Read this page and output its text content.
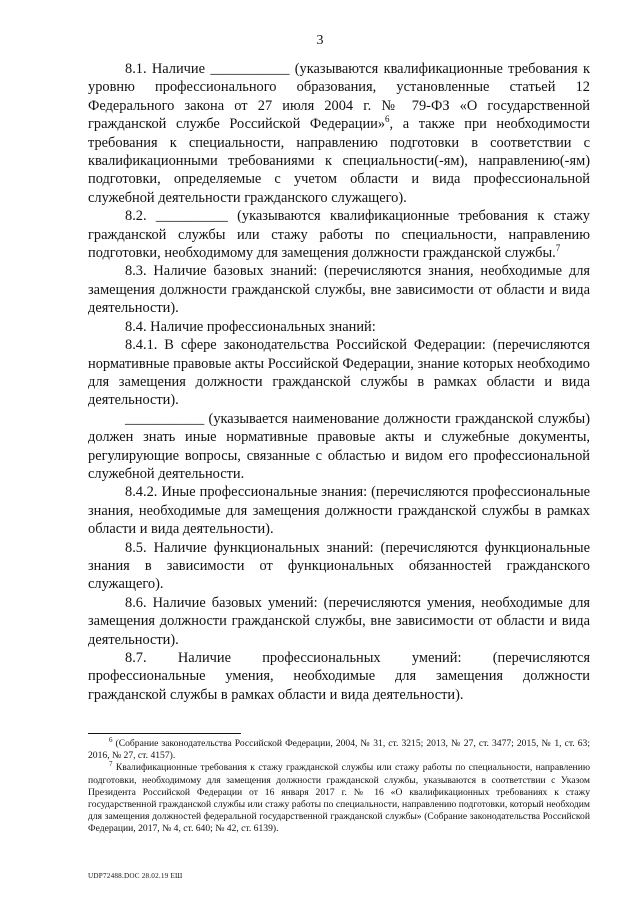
3

8.1. Наличие ___________ (указываются квалификационные требования к уровню профессионального образования, установленные статьей 12 Федерального закона от 27 июля 2004 г. № 79-ФЗ «О государственной гражданской службе Российской Федерации»$^6$, а также при необходимости требования к специальности, направлению подготовки в соответствии с квалификационными требованиями к специальности(-ям), направлению(-ям) подготовки, определяемые с учетом области и вида профессиональной служебной деятельности гражданского служащего).

8.2. __________ (указываются квалификационные требования к стажу гражданской службы или стажу работы по специальности, направлению подготовки, необходимому для замещения должности гражданской службы.$^7$

8.3. Наличие базовых знаний: (перечисляются знания, необходимые для замещения должности гражданской службы, вне зависимости от области и вида деятельности).

8.4. Наличие профессиональных знаний:

8.4.1. В сфере законодательства Российской Федерации: (перечисляются нормативные правовые акты Российской Федерации, знание которых необходимо для замещения должности гражданской службы в рамках области и вида деятельности).

___________ (указывается наименование должности гражданской службы) должен знать иные нормативные правовые акты и служебные документы, регулирующие вопросы, связанные с областью и видом его профессиональной служебной деятельности.

8.4.2. Иные профессиональные знания: (перечисляются профессиональные знания, необходимые для замещения должности гражданской службы в рамках области и вида деятельности).

8.5. Наличие функциональных знаний: (перечисляются функциональные знания в зависимости от функциональных обязанностей гражданского служащего).

8.6. Наличие базовых умений: (перечисляются умения, необходимые для замещения должности гражданской службы, вне зависимости от области и вида деятельности).

8.7. Наличие профессиональных умений: (перечисляются профессиональные умения, необходимые для замещения должности гражданской службы в рамках области и вида деятельности).

$^6$ (Собрание законодательства Российской Федерации, 2004, № 31, ст. 3215; 2013, № 27, ст. 3477; 2015, № 1, ст. 63; 2016, № 27, ст. 4157).

$^7$ Квалификационные требования к стажу гражданской службы или стажу работы по специальности, направлению подготовки, необходимому для замещения должности гражданской службы, указываются в соответствии с Указом Президента Российской Федерации от 16 января 2017 г. № 16 «О квалификационных требованиях к стажу государственной гражданской службы или стажу работы по специальности, направлению подготовки, который необходим для замещения должностей федеральной государственной гражданской службы» (Собрание законодательства Российской Федерации, 2017, № 4, ст. 640; № 42, ст. 6139).

UDP72488.DOC 28.02.19 ЕШ
